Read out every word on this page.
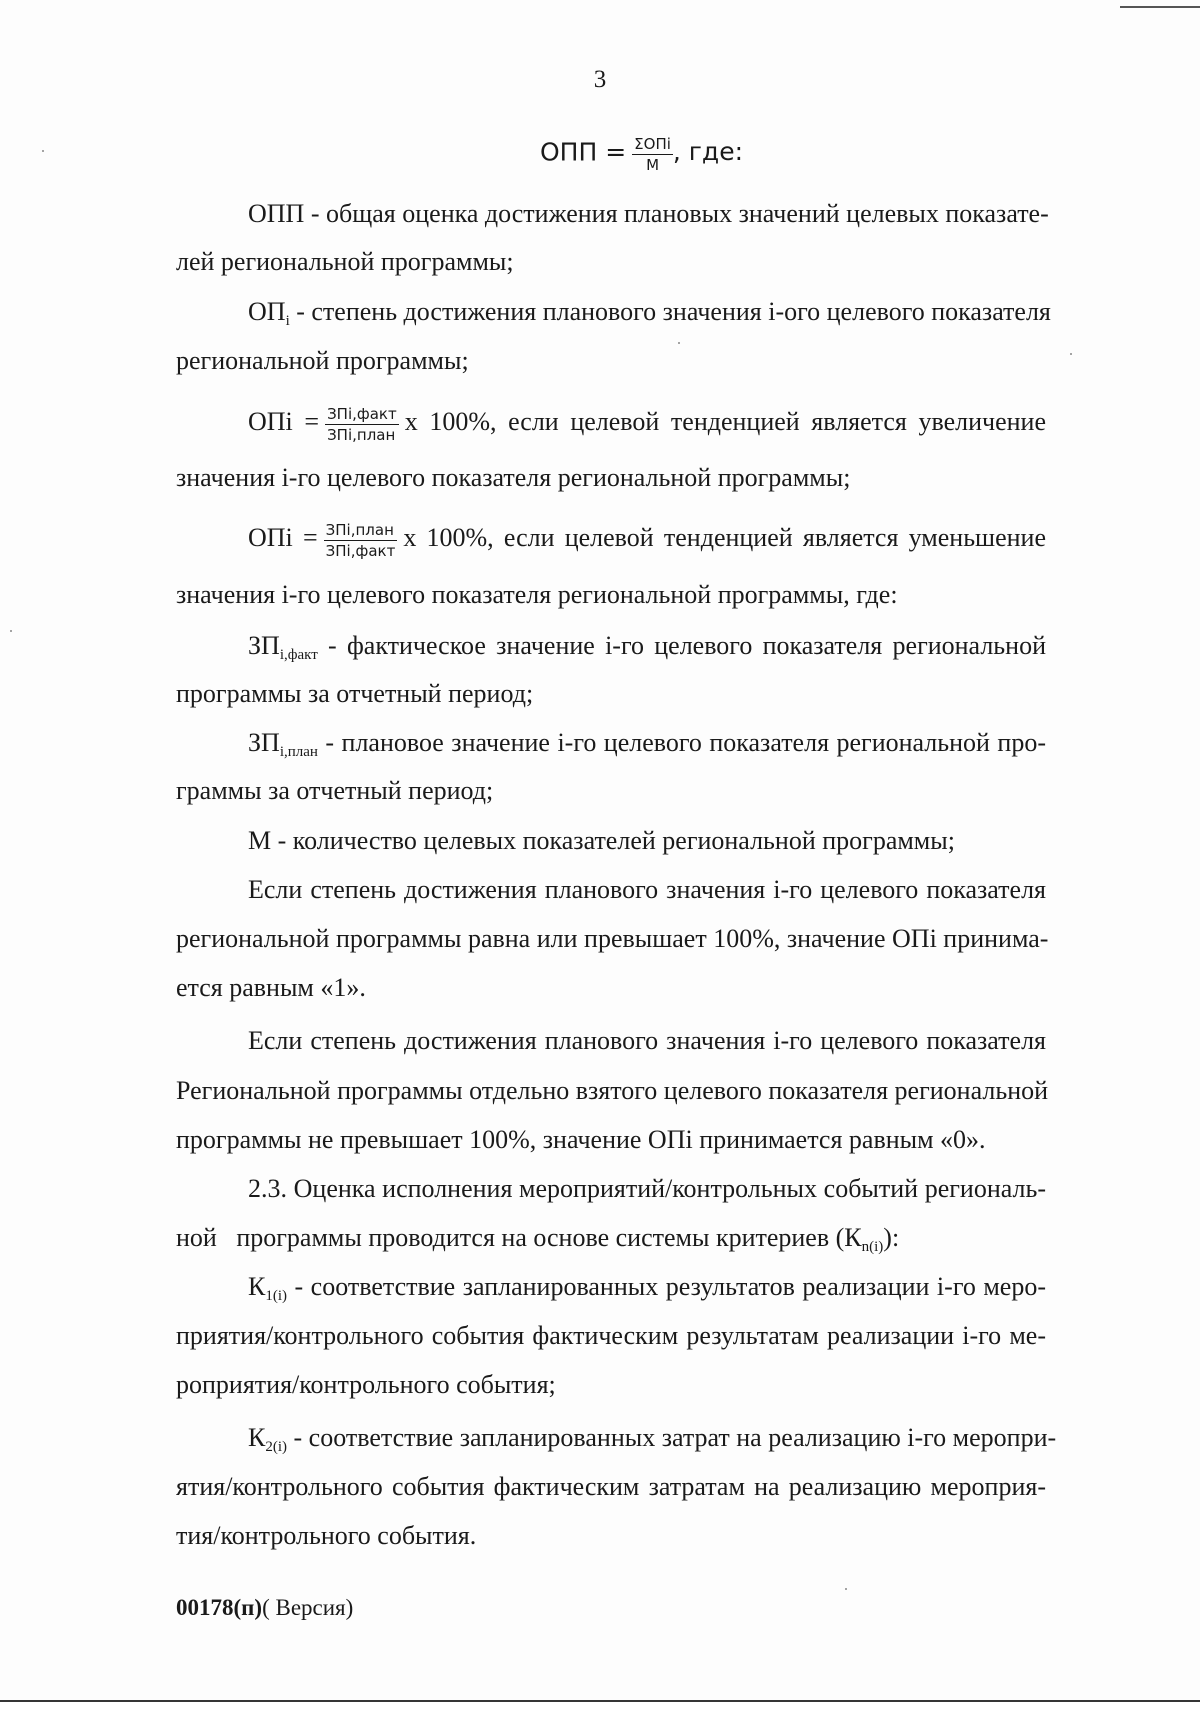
3
ОПП = $\frac{\text{ΣОПi}}{М}$ , где:
ОПП - общая оценка достижения плановых значений целевых показате-
лей региональной программы;
$ОП_i$ - степень достижения планового значения i-ого целевого показателя
региональной программы;
ОПi = $\frac{\text{ЗПi,факт}}{\text{ЗПi,план}}$ x 100%, если целевой тенденцией является увеличение
значения i-го целевого показателя региональной программы;
ОПi = $\frac{\text{ЗПi,план}}{\text{ЗПi,факт}}$ x 100%, если целевой тенденцией является уменьшение
значения i-го целевого показателя региональной программы, где:
$ЗП_{i,факт}$ - фактическое значение i-го целевого показателя региональной
программы за отчетный период;
$ЗП_{i,план}$ - плановое значение i-го целевого показателя региональной про-
граммы за отчетный период;
М - количество целевых показателей региональной программы;
Если степень достижения планового значения i-го целевого показателя
региональной программы равна или превышает 100%, значение ОПi принима-
ется равным «1».
Если степень достижения планового значения i-го целевого показателя
Региональной программы отдельно взятого целевого показателя региональной
программы не превышает 100%, значение ОПi принимается равным «0».
2.3. Оценка исполнения мероприятий/контрольных событий региональ-
ной   программы проводится на основе системы критериев $(К_{n(i)})$:
$К_{1(i)}$ - соответствие запланированных результатов реализации i-го меро-
приятия/контрольного события фактическим результатам реализации i-го ме-
роприятия/контрольного события;
$К_{2(i)}$ - соответствие запланированных затрат на реализацию i-го меропри-
ятия/контрольного события фактическим затратам на реализацию мероприя-
тия/контрольного события.
00178(п)( Версия)
